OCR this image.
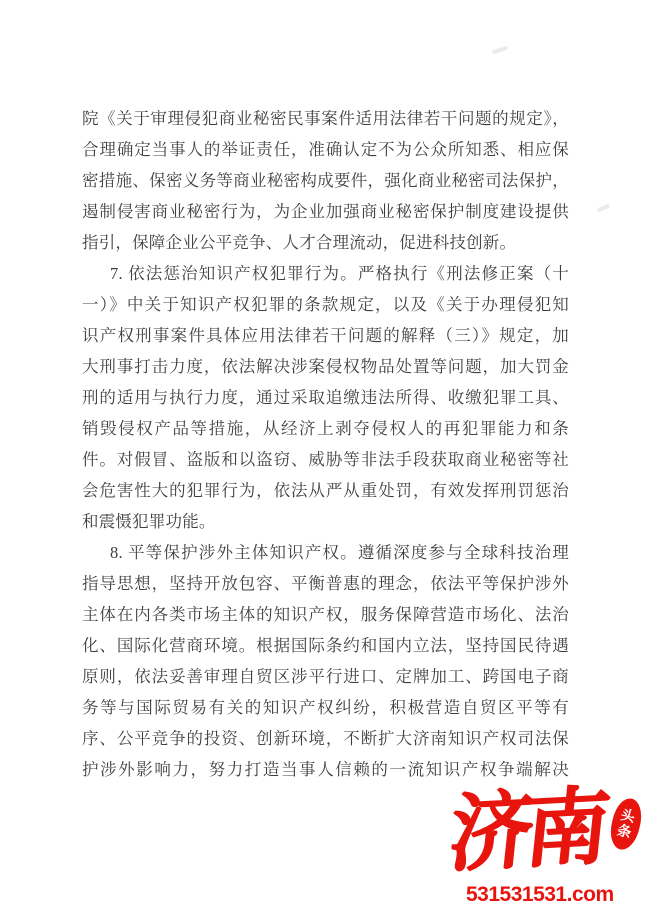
院《关于审理侵犯商业秘密民事案件适用法律若干问题的规定》，
合理确定当事人的举证责任，准确认定不为公众所知悉、相应保
密措施、保密义务等商业秘密构成要件，强化商业秘密司法保护，
遏制侵害商业秘密行为，为企业加强商业秘密保护制度建设提供
指引，保障企业公平竞争、人才合理流动，促进科技创新。
7. 依法惩治知识产权犯罪行为。严格执行《刑法修正案（十
一）》中关于知识产权犯罪的条款规定，以及《关于办理侵犯知
识产权刑事案件具体应用法律若干问题的解释（三）》规定，加
大刑事打击力度，依法解决涉案侵权物品处置等问题，加大罚金
刑的适用与执行力度，通过采取追缴违法所得、收缴犯罪工具、
销毁侵权产品等措施，从经济上剥夺侵权人的再犯罪能力和条
件。对假冒、盗版和以盗窃、威胁等非法手段获取商业秘密等社
会危害性大的犯罪行为，依法从严从重处罚，有效发挥刑罚惩治
和震慑犯罪功能。
8. 平等保护涉外主体知识产权。遵循深度参与全球科技治理
指导思想，坚持开放包容、平衡普惠的理念，依法平等保护涉外
主体在内各类市场主体的知识产权，服务保障营造市场化、法治
化、国际化营商环境。根据国际条约和国内立法，坚持国民待遇
原则，依法妥善审理自贸区涉平行进口、定牌加工、跨国电子商
务等与国际贸易有关的知识产权纠纷，积极营造自贸区平等有
序、公平竞争的投资、创新环境，不断扩大济南知识产权司法保
护涉外影响力，努力打造当事人信赖的一流知识产权争端解决
济南 头条
531531531.com
